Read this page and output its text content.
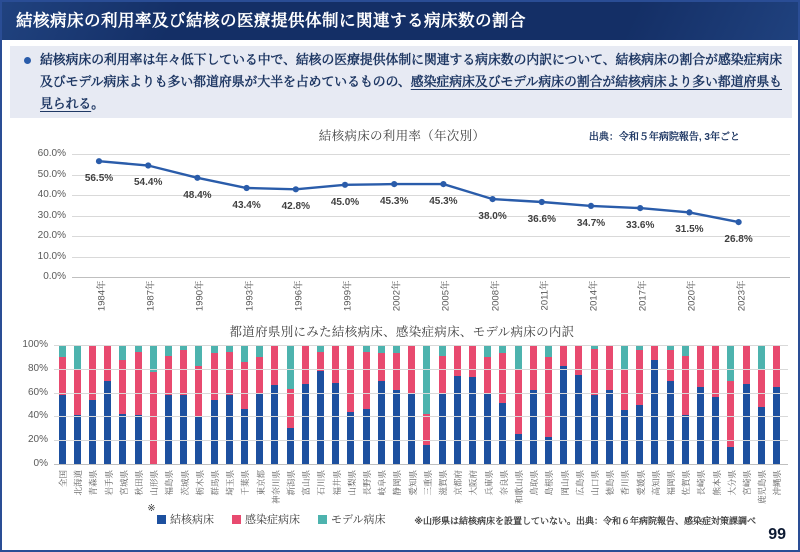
結核病床の利用率及び結核の医療提供体制に関連する病床数の割合
結核病床の利用率は年々低下している中で、結核の医療提供体制に関連する病床数の内訳について、結核病床の割合が感染症病床及びモデル病床よりも多い都道府県が大半を占めているものの、感染症病床及びモデル病床の割合が結核病床より多い都道府県も見られる。
結核病床の利用率（年次別）	出典：令和５年病院報告, 3年ごと
都道府県別にみた結核病床、感染症病床、モデル病床の内訳
※
結核病床	感染症病床	モデル病床	※山形県は結核病床を設置していない。出典：令和６年病院報告、感染症対策課調べ
99
0.0%
10.0%
20.0%
30.0%
40.0%
50.0%
60.0%
56.5%	54.4%
48.4%
43.4%	42.8%	45.0%	45.3%	45.3%
38.0%	36.6%	34.7%	33.6%	31.5%
26.8%
1984年	1987年	1990年	1993年	1996年	1999年	2002年	2005年	2008年	2011年	2014年	2017年	2020年	2023年
0%
20%
40%
60%
80%
100%
全国 北海道 青森県 岩手県 宮城県 秋田県 山形県 福島県 茨城県 栃木県 群馬県 埼玉県 千葉県 東京都 神奈川県 新潟県 富山県 石川県 福井県 山梨県 長野県 岐阜県 静岡県 愛知県 三重県 滋賀県 京都府 大阪府 兵庫県 奈良県 和歌山県 鳥取県 島根県 岡山県 広島県 山口県 徳島県 香川県 愛媛県 高知県 福岡県 佐賀県 長崎県 熊本県 大分県 宮崎県 鹿児島県 沖縄県
